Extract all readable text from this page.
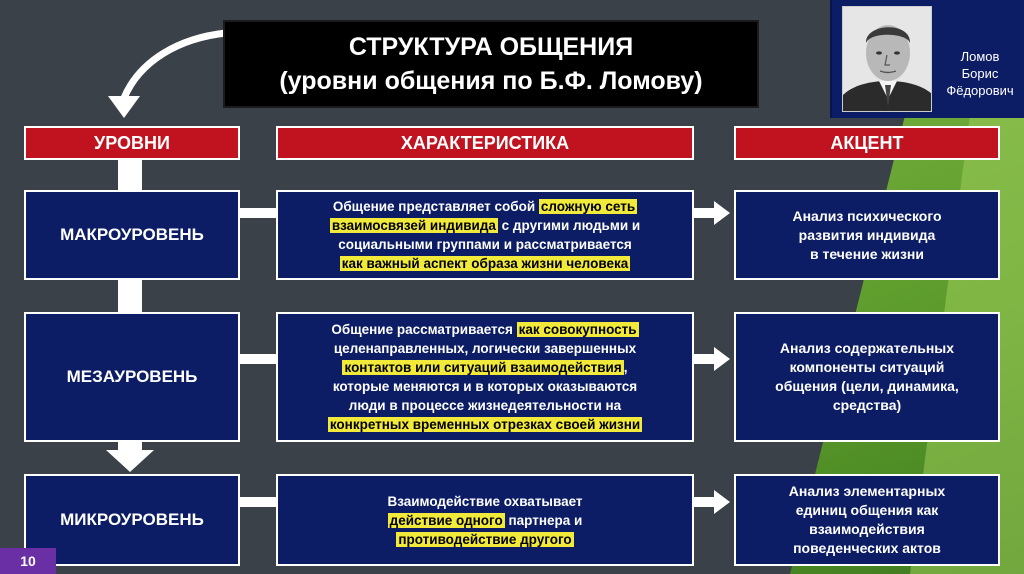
СТРУКТУРА ОБЩЕНИЯ
(уровни общения по Б.Ф. Ломову)
Ломов
Борис
Фёдорович
УРОВНИ	ХАРАКТЕРИСТИКА	АКЦЕНТ
МАКРОУРОВЕНЬ
Общение представляет собой сложную сеть
взаимосвязей индивида с другими людьми и
социальными группами и рассматривается
как важный аспект образа жизни человека
Анализ психического
развития индивида
в течение жизни
МЕЗАУРОВЕНЬ
Общение рассматривается как совокупность
целенаправленных, логически завершенных
контактов или ситуаций взаимодействия ,
которые меняются и в которых оказываются
люди в процессе жизнедеятельности на
конкретных временных отрезках своей жизни
Анализ содержательных
компоненты ситуаций
общения (цели, динамика,
средства)
МИКРОУРОВЕНЬ
Взаимодействие охватывает
действие одного партнера и
противодействие другого
Анализ элементарных
единиц общения как
взаимодействия
поведенческих актов
10
